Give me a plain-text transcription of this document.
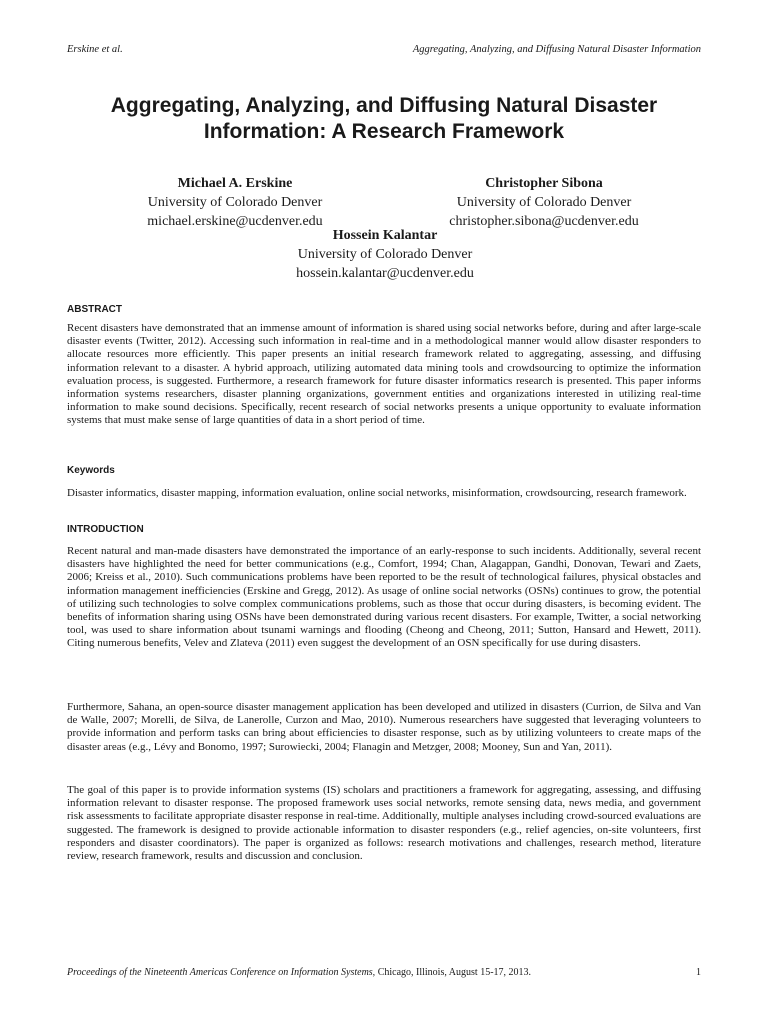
Erskine et al.	Aggregating, Analyzing, and Diffusing Natural Disaster Information
Aggregating, Analyzing, and Diffusing Natural Disaster
Information: A Research Framework
Michael A. Erskine
University of Colorado Denver
michael.erskine@ucdenver.edu
Christopher Sibona
University of Colorado Denver
christopher.sibona@ucdenver.edu
Hossein Kalantar
University of Colorado Denver
hossein.kalantar@ucdenver.edu
ABSTRACT
Recent disasters have demonstrated that an immense amount of information is shared using social networks before, during and after large-scale disaster events (Twitter, 2012). Accessing such information in real-time and in a methodological manner would allow disaster responders to allocate resources more efficiently. This paper presents an initial research framework related to aggregating, assessing, and diffusing information relevant to a disaster. A hybrid approach, utilizing automated data mining tools and crowdsourcing to optimize the information evaluation process, is suggested. Furthermore, a research framework for future disaster informatics research is presented. This paper informs information systems researchers, disaster planning organizations, government entities and organizations interested in utilizing real-time information to make sound decisions. Specifically, recent research of social networks presents a unique opportunity to evaluate information systems that must make sense of large quantities of data in a short period of time.
Keywords
Disaster informatics, disaster mapping, information evaluation, online social networks, misinformation, crowdsourcing, research framework.
INTRODUCTION
Recent natural and man-made disasters have demonstrated the importance of an early-response to such incidents. Additionally, several recent disasters have highlighted the need for better communications (e.g., Comfort, 1994; Chan, Alagappan, Gandhi, Donovan, Tewari and Zaets, 2006; Kreiss et al., 2010). Such communications problems have been reported to be the result of technological failures, physical obstacles and information management inefficiencies (Erskine and Gregg, 2012). As usage of online social networks (OSNs) continues to grow, the potential of utilizing such technologies to solve complex communications problems, such as those that occur during disasters, is becoming evident. The benefits of information sharing using OSNs have been demonstrated during various recent disasters. For example, Twitter, a social networking tool, was used to share information about tsunami warnings and flooding (Cheong and Cheong, 2011; Sutton, Hansard and Hewett, 2011). Citing numerous benefits, Velev and Zlateva (2011) even suggest the development of an OSN specifically for use during disasters.
Furthermore, Sahana, an open-source disaster management application has been developed and utilized in disasters (Currion, de Silva and Van de Walle, 2007; Morelli, de Silva, de Lanerolle, Curzon and Mao, 2010). Numerous researchers have suggested that leveraging volunteers to provide information and perform tasks can bring about efficiencies to disaster response, such as by utilizing volunteers to create maps of the disaster areas (e.g., Lévy and Bonomo, 1997; Surowiecki, 2004; Flanagin and Metzger, 2008; Mooney, Sun and Yan, 2011).
The goal of this paper is to provide information systems (IS) scholars and practitioners a framework for aggregating, assessing, and diffusing information relevant to disaster response. The proposed framework uses social networks, remote sensing data, news media, and government risk assessments to facilitate appropriate disaster response in real-time. Additionally, multiple analyses including crowd-sourced evaluations are suggested. The framework is designed to provide actionable information to disaster responders (e.g., relief agencies, on-site volunteers, first responders and disaster coordinators). The paper is organized as follows: research motivations and challenges, research method, literature review, research framework, results and discussion and conclusion.
Proceedings of the Nineteenth Americas Conference on Information Systems, Chicago, Illinois, August 15-17, 2013.	1
